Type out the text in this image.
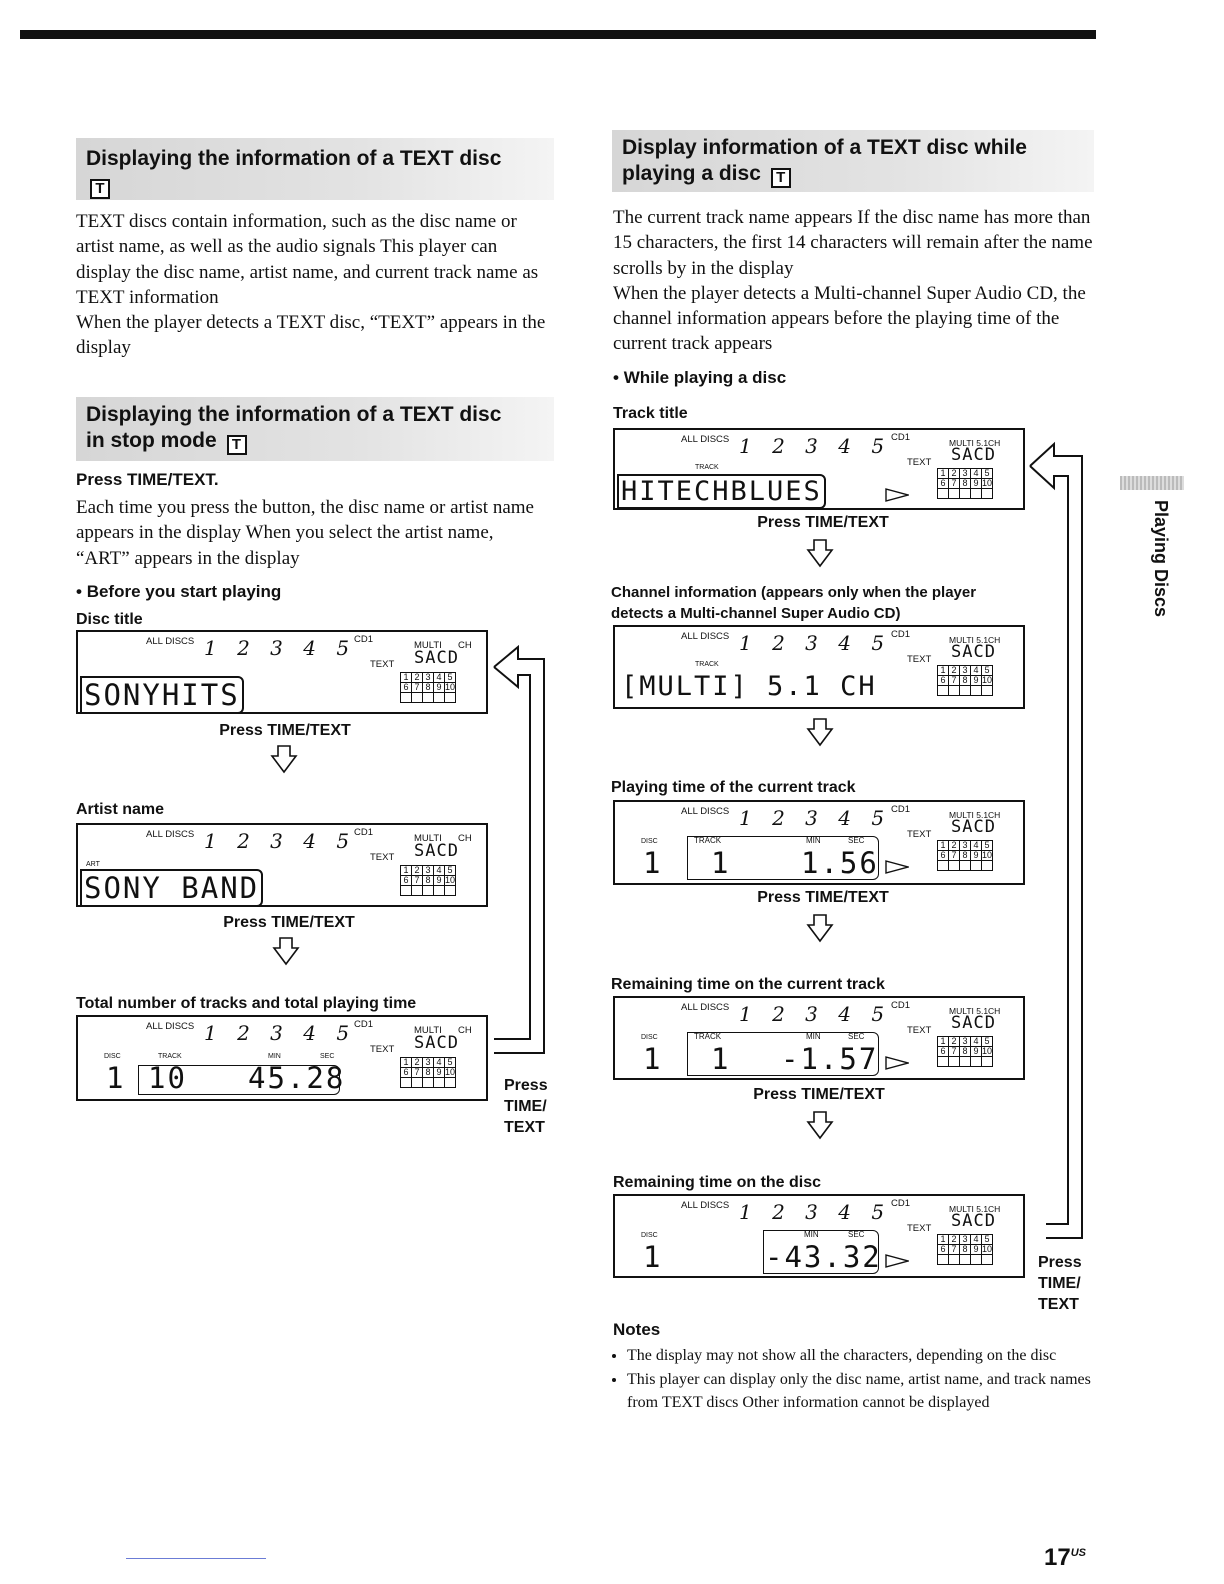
Displaying the information of a TEXT disc
T

TEXT discs contain information, such as the disc name or artist name, as well as the audio signals This player can display the disc name, artist name, and current track name as TEXT information

When the player detects a TEXT disc, “TEXT” appears in the display

Displaying the information of a TEXT disc
in stop mode T
Press TIME/TEXT.
Each time you press the button, the disc name or artist name appears in the display When you select the artist name, “ART” appears in the display
• Before you start playing
Disc title
ALL DISCS 1 2 3 4 5
CD1
TEXT
MULTI CH
SACD
SONYHITS
1	2	3	4	5
6	7	8	9	10

Press TIME/TEXT
Artist name
ALL DISCS 1 2 3 4 5
CD1
TEXT
MULTI CH
SACD
ART
SONY BAND
1	2	3	4	5
6	7	8	9	10

Press TIME/TEXT
Total number of tracks and total playing time
ALL DISCS 1 2 3 4 5
CD1
TEXT
MULTI CH
SACD
DISC	TRACK	MIN	SEC
1 10 45.28	1	2	3	4	5
6	7	8	9	10

Press
TIME/
TEXT
Display information of a TEXT disc while
playing a disc T

The current track name appears If the disc name has more than 15 characters, the first 14 characters will remain after the name scrolls by in the display

When the player detects a Multi-channel Super Audio CD, the channel information appears before the playing time of the current track appears

• While playing a disc
Track title
ALL DISCS 1 2 3 4 5 CD1
TEXT
MULTI 5.1CH
SACD
TRACK
HITECHBLUES
1	2	3	4	5
6	7	8	9	10

Press TIME/TEXT
Channel information (appears only when the player
detects a Multi-channel Super Audio CD)
ALL DISCS 1 2 3 4 5 CD1
TEXT
MULTI 5.1CH
SACD
TRACK
[MULTI] 5.1 CH
1	2	3	4	5
6	7	8	9	10

Playing time of the current track
ALL DISCS 1 2 3 4 5 CD1
TEXT
MULTI 5.1CH
SACD
DISC	TRACK	MIN	SEC
1 1 1.56
1	2	3	4	5
6	7	8	9	10

Press TIME/TEXT
Remaining time on the current track
ALL DISCS 1 2 3 4 5 CD1
TEXT
MULTI 5.1CH
SACD
DISC	TRACK	MIN	SEC
1 1 -1.57
1	2	3	4	5
6	7	8	9	10

Press TIME/TEXT
Remaining time on the disc
ALL DISCS 1 2 3 4 5 CD1
TEXT
MULTI 5.1CH
SACD
DISC	MIN	SEC
1	-43.32
1	2	3	4	5
6	7	8	9	10

Press
TIME/
TEXT
Notes
• The display may not show all the characters, depending on the disc
• This player can display only the disc name, artist name, and track names from TEXT discs Other information cannot be displayed
Playing Discs
$17^{US}$
